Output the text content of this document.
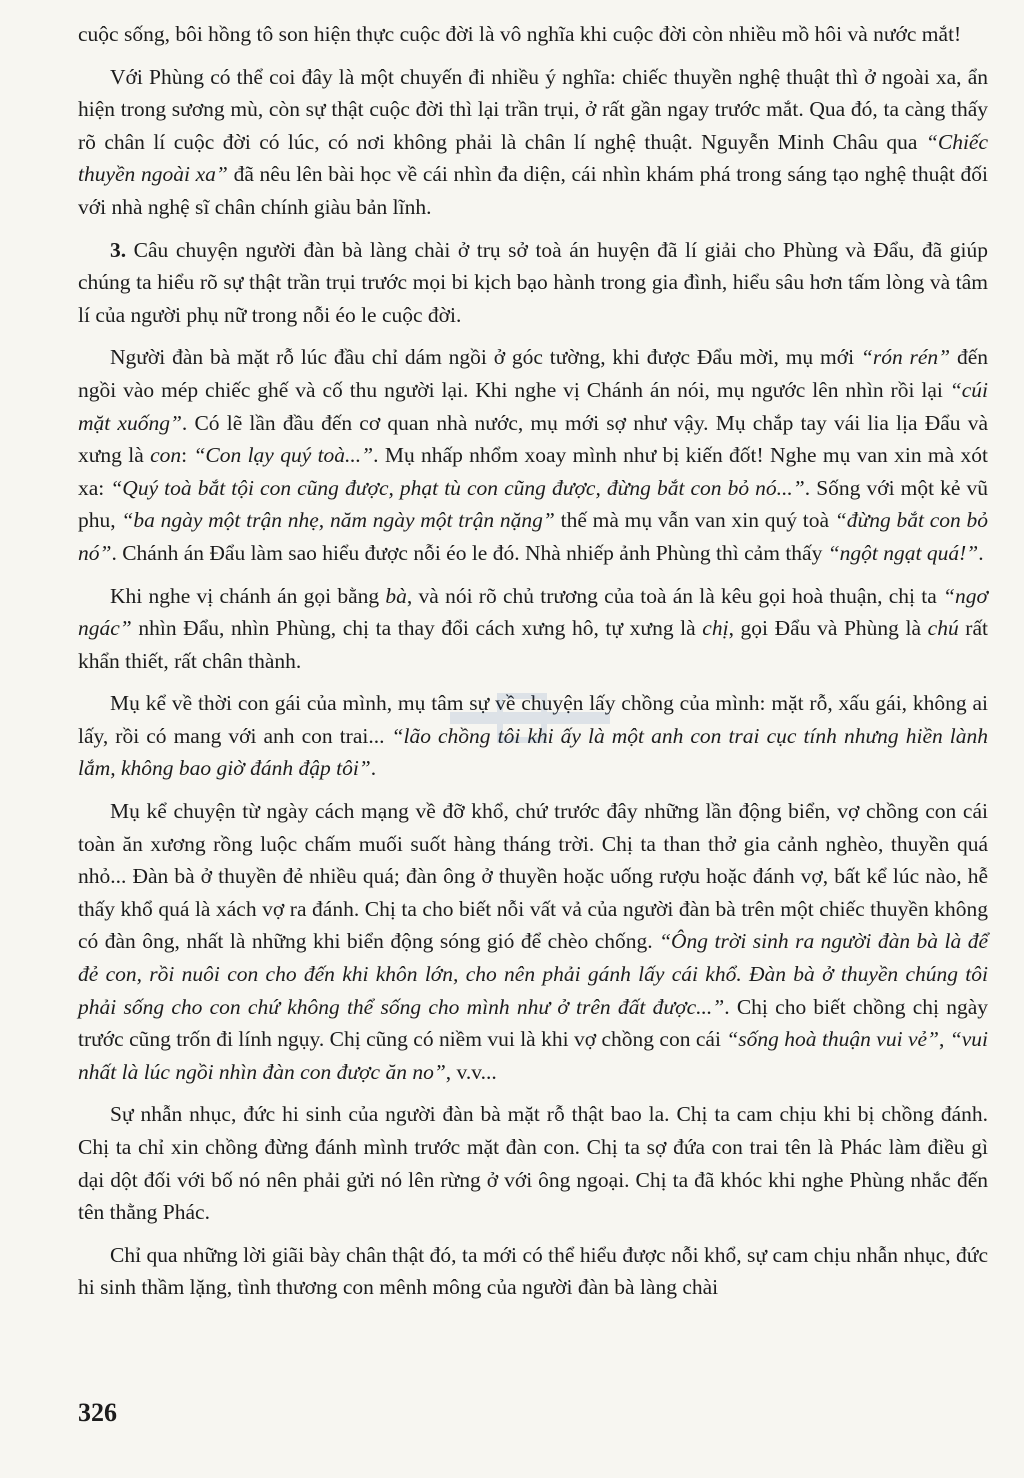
cuộc sống, bôi hồng tô son hiện thực cuộc đời là vô nghĩa khi cuộc đời còn nhiều mồ hôi và nước mắt!

Với Phùng có thể coi đây là một chuyến đi nhiều ý nghĩa: chiếc thuyền nghệ thuật thì ở ngoài xa, ẩn hiện trong sương mù, còn sự thật cuộc đời thì lại trần trụi, ở rất gần ngay trước mắt. Qua đó, ta càng thấy rõ chân lí cuộc đời có lúc, có nơi không phải là chân lí nghệ thuật. Nguyễn Minh Châu qua “Chiếc thuyền ngoài xa” đã nêu lên bài học về cái nhìn đa diện, cái nhìn khám phá trong sáng tạo nghệ thuật đối với nhà nghệ sĩ chân chính giàu bản lĩnh.

3. Câu chuyện người đàn bà làng chài ở trụ sở toà án huyện đã lí giải cho Phùng và Đẩu, đã giúp chúng ta hiểu rõ sự thật trần trụi trước mọi bi kịch bạo hành trong gia đình, hiểu sâu hơn tấm lòng và tâm lí của người phụ nữ trong nỗi éo le cuộc đời.

Người đàn bà mặt rỗ lúc đầu chỉ dám ngồi ở góc tường, khi được Đẩu mời, mụ mới “rón rén” đến ngồi vào mép chiếc ghế và cố thu người lại. Khi nghe vị Chánh án nói, mụ ngước lên nhìn rồi lại “cúi mặt xuống”. Có lẽ lần đầu đến cơ quan nhà nước, mụ mới sợ như vậy. Mụ chắp tay vái lia lịa Đẩu và xưng là con: “Con lạy quý toà...”. Mụ nhấp nhổm xoay mình như bị kiến đốt! Nghe mụ van xin mà xót xa: “Quý toà bắt tội con cũng được, phạt tù con cũng được, đừng bắt con bỏ nó...”. Sống với một kẻ vũ phu, “ba ngày một trận nhẹ, năm ngày một trận nặng” thế mà mụ vẫn van xin quý toà “đừng bắt con bỏ nó”. Chánh án Đẩu làm sao hiểu được nỗi éo le đó. Nhà nhiếp ảnh Phùng thì cảm thấy “ngột ngạt quá!”.

Khi nghe vị chánh án gọi bằng bà, và nói rõ chủ trương của toà án là kêu gọi hoà thuận, chị ta “ngơ ngác” nhìn Đẩu, nhìn Phùng, chị ta thay đổi cách xưng hô, tự xưng là chị, gọi Đẩu và Phùng là chú rất khẩn thiết, rất chân thành.

Mụ kể về thời con gái của mình, mụ tâm sự về chuyện lấy chồng của mình: mặt rỗ, xấu gái, không ai lấy, rồi có mang với anh con trai... “lão chồng tôi khi ấy là một anh con trai cục tính nhưng hiền lành lắm, không bao giờ đánh đập tôi”.

Mụ kể chuyện từ ngày cách mạng về đỡ khổ, chứ trước đây những lần động biển, vợ chồng con cái toàn ăn xương rồng luộc chấm muối suốt hàng tháng trời. Chị ta than thở gia cảnh nghèo, thuyền quá nhỏ... Đàn bà ở thuyền đẻ nhiều quá; đàn ông ở thuyền hoặc uống rượu hoặc đánh vợ, bất kể lúc nào, hễ thấy khổ quá là xách vợ ra đánh. Chị ta cho biết nỗi vất vả của người đàn bà trên một chiếc thuyền không có đàn ông, nhất là những khi biển động sóng gió để chèo chống. “Ông trời sinh ra người đàn bà là để đẻ con, rồi nuôi con cho đến khi khôn lớn, cho nên phải gánh lấy cái khổ. Đàn bà ở thuyền chúng tôi phải sống cho con chứ không thể sống cho mình như ở trên đất được...”. Chị cho biết chồng chị ngày trước cũng trốn đi lính ngụy. Chị cũng có niềm vui là khi vợ chồng con cái “sống hoà thuận vui vẻ”, “vui nhất là lúc ngồi nhìn đàn con được ăn no”, v.v...

Sự nhẫn nhục, đức hi sinh của người đàn bà mặt rỗ thật bao la. Chị ta cam chịu khi bị chồng đánh. Chị ta chỉ xin chồng đừng đánh mình trước mặt đàn con. Chị ta sợ đứa con trai tên là Phác làm điều gì dại dột đối với bố nó nên phải gửi nó lên rừng ở với ông ngoại. Chị ta đã khóc khi nghe Phùng nhắc đến tên thằng Phác.

Chỉ qua những lời giãi bày chân thật đó, ta mới có thể hiểu được nỗi khổ, sự cam chịu nhẫn nhục, đức hi sinh thầm lặng, tình thương con mênh mông của người đàn bà làng chài

326
